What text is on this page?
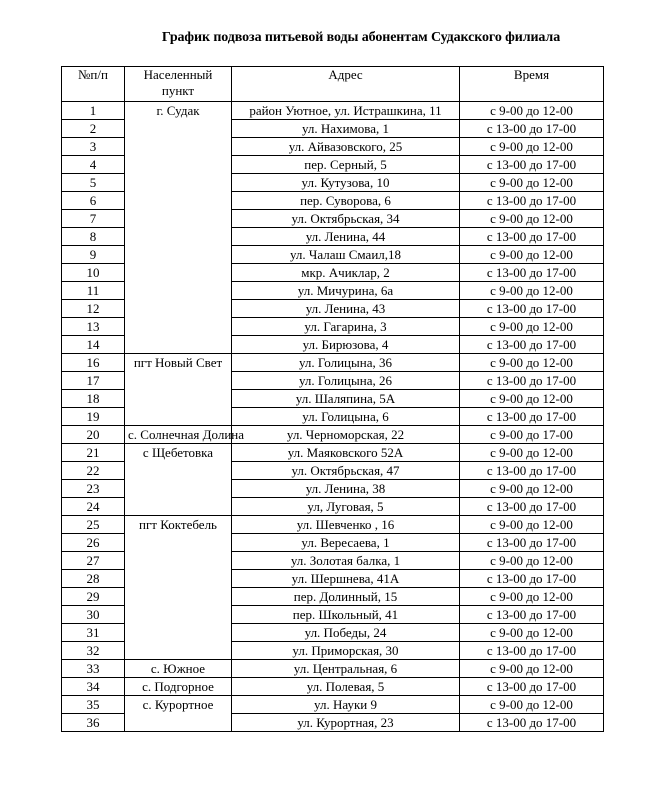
График подвоза питьевой воды абонентам Судакского филиала
№п/п	Населенный пункт	Адрес	Время
1	г. Судак	район Уютное, ул. Истрашкина, 11	с 9-00 до 12-00
2		ул. Нахимова, 1	с 13-00 до 17-00
3		ул. Айвазовского, 25	с 9-00 до 12-00
4		пер. Серный, 5	с 13-00 до 17-00
5		ул. Кутузова, 10	с 9-00 до 12-00
6		пер. Суворова, 6	с 13-00 до 17-00
7		ул. Октябрьская, 34	с 9-00 до 12-00
8		ул. Ленина, 44	с 13-00 до 17-00
9		ул. Чалаш Смаил,18	с 9-00 до 12-00
10		мкр. Ачиклар, 2	с 13-00 до 17-00
11		ул. Мичурина, 6а	с 9-00 до 12-00
12		ул. Ленина, 43	с 13-00 до 17-00
13		ул. Гагарина, 3	с 9-00 до 12-00
14		ул. Бирюзова, 4	с 13-00 до 17-00
16	пгт Новый Свет	ул. Голицына, 36	с 9-00 до 12-00
17		ул. Голицына, 26	с 13-00 до 17-00
18		ул. Шаляпина, 5А	с 9-00 до 12-00
19		ул. Голицына, 6	с 13-00 до 17-00
20	с. Солнечная Долина	ул. Черноморская, 22	с 9-00 до 17-00
21	с Щебетовка	ул. Маяковского 52А	с 9-00 до 12-00
22		ул. Октябрьская, 47	с 13-00 до 17-00
23		ул. Ленина, 38	с 9-00 до 12-00
24		ул, Луговая, 5	с 13-00 до 17-00
25	пгт Коктебель	ул. Шевченко , 16	с 9-00 до 12-00
26		ул. Вересаева, 1	с 13-00 до 17-00
27		ул. Золотая балка, 1	с 9-00 до 12-00
28		ул. Шершнева, 41А	с 13-00 до 17-00
29		пер. Долинный, 15	с 9-00 до 12-00
30		пер. Школьный, 41	с 13-00 до 17-00
31		ул. Победы, 24	с 9-00 до 12-00
32		ул. Приморская, 30	с 13-00 до 17-00
33	с. Южное	ул. Центральная, 6	с 9-00 до 12-00
34	с. Подгорное	ул. Полевая, 5	с 13-00 до 17-00
35	с. Курортное	ул. Науки 9	с 9-00 до 12-00
36		ул. Курортная, 23	с 13-00 до 17-00
